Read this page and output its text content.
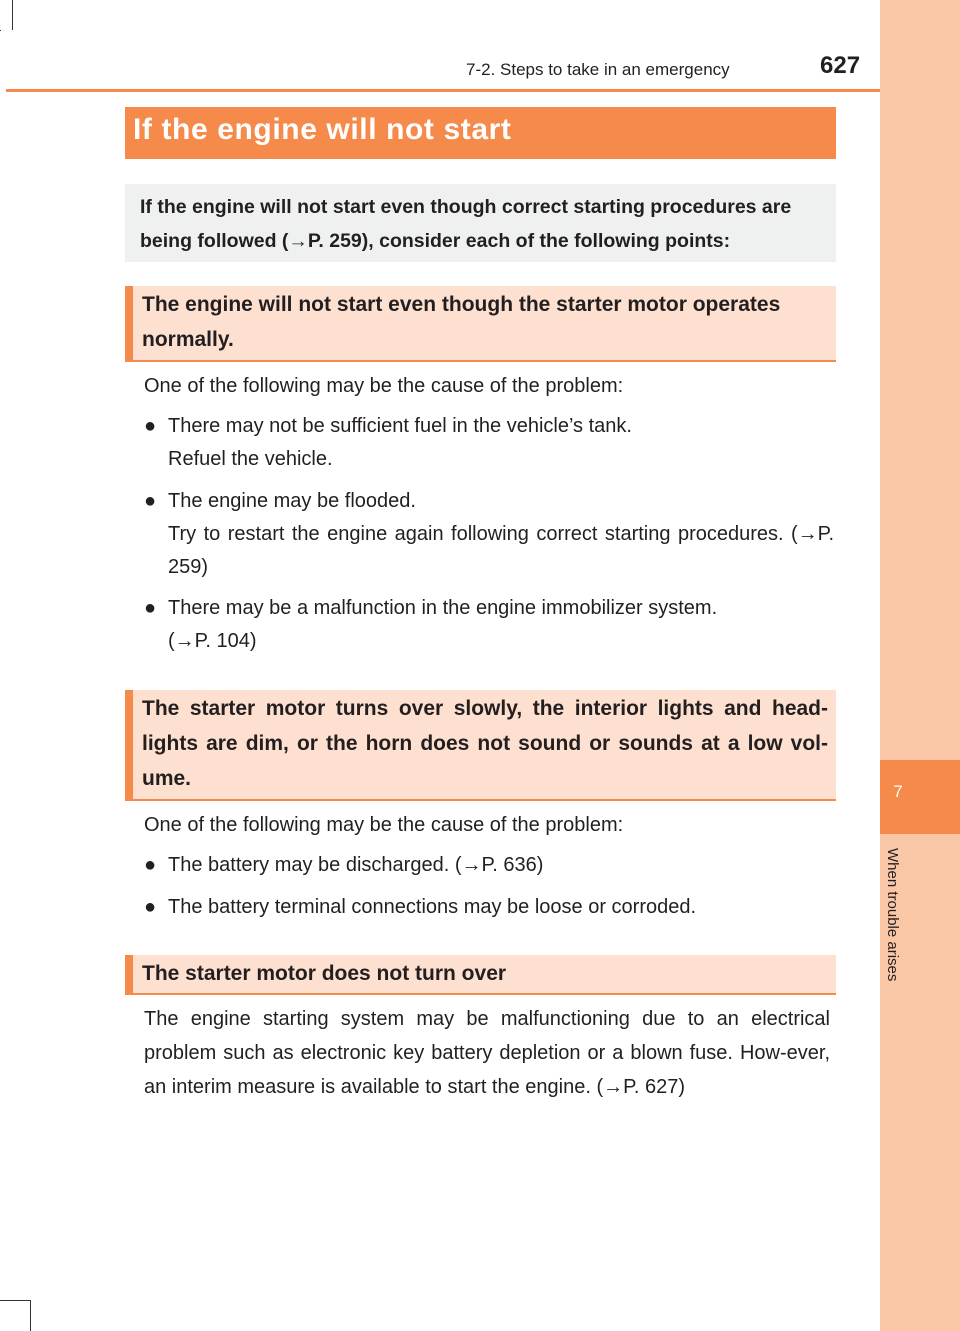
7
When trouble arises
7-2. Steps to take in an emergency	627
If the engine will not start

If the engine will not start even though correct starting procedures are being followed (→P. 259), consider each of the following points:

The engine will not start even though the starter motor operates normally.

One of the following may be the cause of the problem:

● There may not be sufficient fuel in the vehicle’s tank.
Refuel the vehicle.
● The engine may be flooded.
Try to restart the engine again following correct starting procedures. (→P. 259)
● There may be a malfunction in the engine immobilizer system.
(→P. 104)
The starter motor turns over slowly, the interior lights and head-lights are dim, or the horn does not sound or sounds at a low vol-ume.

One of the following may be the cause of the problem:

● The battery may be discharged. (→P. 636)
● The battery terminal connections may be loose or corroded.
The starter motor does not turn over

The engine starting system may be malfunctioning due to an electrical problem such as electronic key battery depletion or a blown fuse. How-ever, an interim measure is available to start the engine. (→P. 627)
